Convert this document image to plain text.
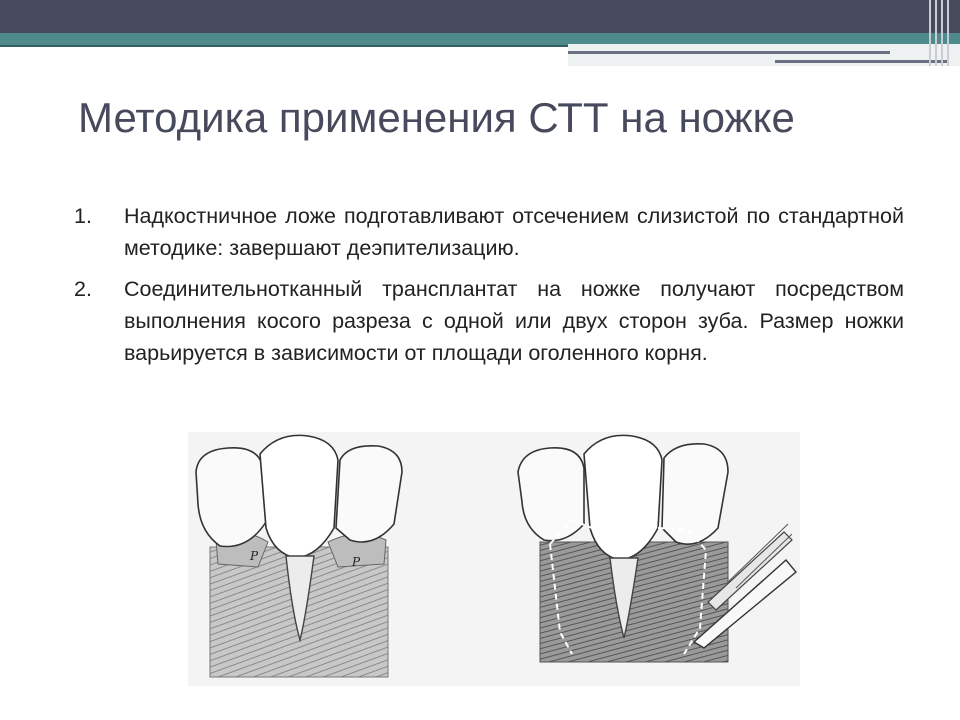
Методика применения СТТ на ножке
1. Надкостничное ложе подготавливают отсечением слизистой по стандартной методике: завершают деэпителизацию.
2. Соединительнотканный трансплантат на ножке получают посредством выполнения косого разреза с одной или двух сторон зуба. Размер ножки варьируется в зависимости от площади оголенного корня.
P	P
